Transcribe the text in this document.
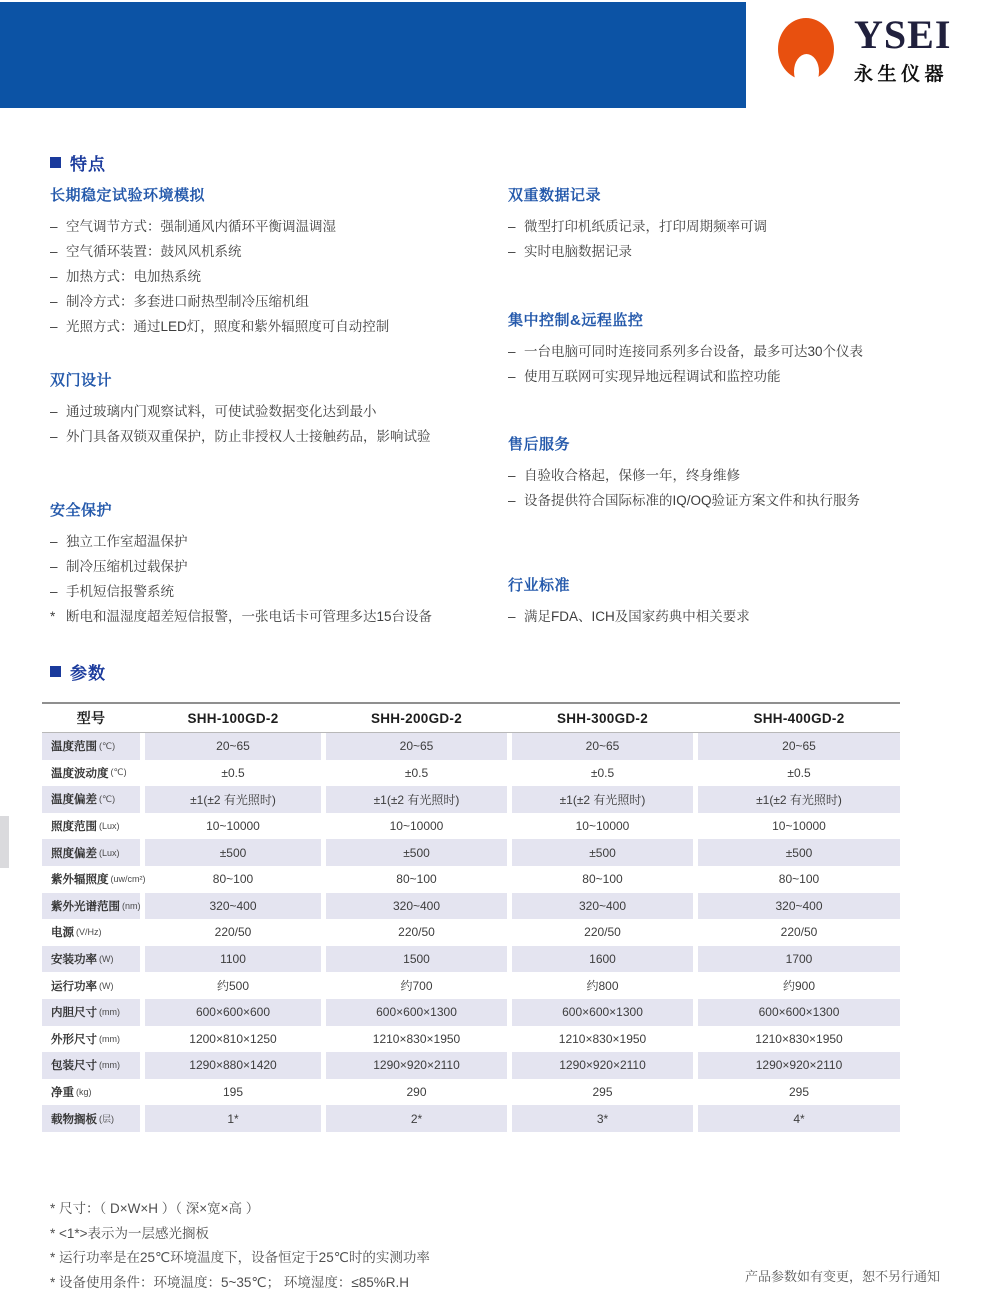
YSEI
永生仪器
特点
长期稳定试验环境模拟
– 空气调节方式：强制通风内循环平衡调温调湿
– 空气循环装置：鼓风风机系统
– 加热方式：电加热系统
– 制冷方式：多套进口耐热型制冷压缩机组
– 光照方式：通过LED灯，照度和紫外辐照度可自动控制
双门设计
– 通过玻璃内门观察试料，可使试验数据变化达到最小
– 外门具备双锁双重保护，防止非授权人士接触药品，影响试验
安全保护
– 独立工作室超温保护
– 制冷压缩机过载保护
– 手机短信报警系统
* 断电和温湿度超差短信报警，一张电话卡可管理多达15台设备
双重数据记录
– 微型打印机纸质记录，打印周期频率可调
– 实时电脑数据记录
集中控制&远程监控
– 一台电脑可同时连接同系列多台设备，最多可达30个仪表
– 使用互联网可实现异地远程调试和监控功能
售后服务
– 自验收合格起，保修一年，终身维修
– 设备提供符合国际标准的IQ/OQ验证方案文件和执行服务
行业标准
– 满足FDA、ICH及国家药典中相关要求
参数
型号	SHH-100GD-2	SHH-200GD-2	SHH-300GD-2	SHH-400GD-2
温度范围 (℃)	20~65	20~65	20~65	20~65
温度波动度 (℃)	±0.5	±0.5	±0.5	±0.5
温度偏差 (℃)	±1(±2 有光照时)	±1(±2 有光照时)	±1(±2 有光照时)	±1(±2 有光照时)
照度范围 (Lux)	10~10000	10~10000	10~10000	10~10000
照度偏差 (Lux)	±500	±500	±500	±500
紫外辐照度 (uw/cm²)	80~100	80~100	80~100	80~100
紫外光谱范围 (nm)	320~400	320~400	320~400	320~400
电源 (V/Hz)	220/50	220/50	220/50	220/50
安装功率 (W)	1100	1500	1600	1700
运行功率 (W)	约500	约700	约800	约900
内胆尺寸 (mm)	600×600×600	600×600×1300	600×600×1300	600×600×1300
外形尺寸 (mm)	1200×810×1250	1210×830×1950	1210×830×1950	1210×830×1950
包装尺寸 (mm)	1290×880×1420	1290×920×2110	1290×920×2110	1290×920×2110
净重 (kg)	195	290	295	295
载物搁板 (层)	1*	2*	3*	4*
* 尺寸：（ D×W×H ）（ 深×宽×高 ）
* <1*>表示为一层感光搁板
* 运行功率是在25℃环境温度下，设备恒定于25℃时的实测功率
* 设备使用条件：环境温度：5~35℃； 环境湿度：≤85%R.H	产品参数如有变更，恕不另行通知
